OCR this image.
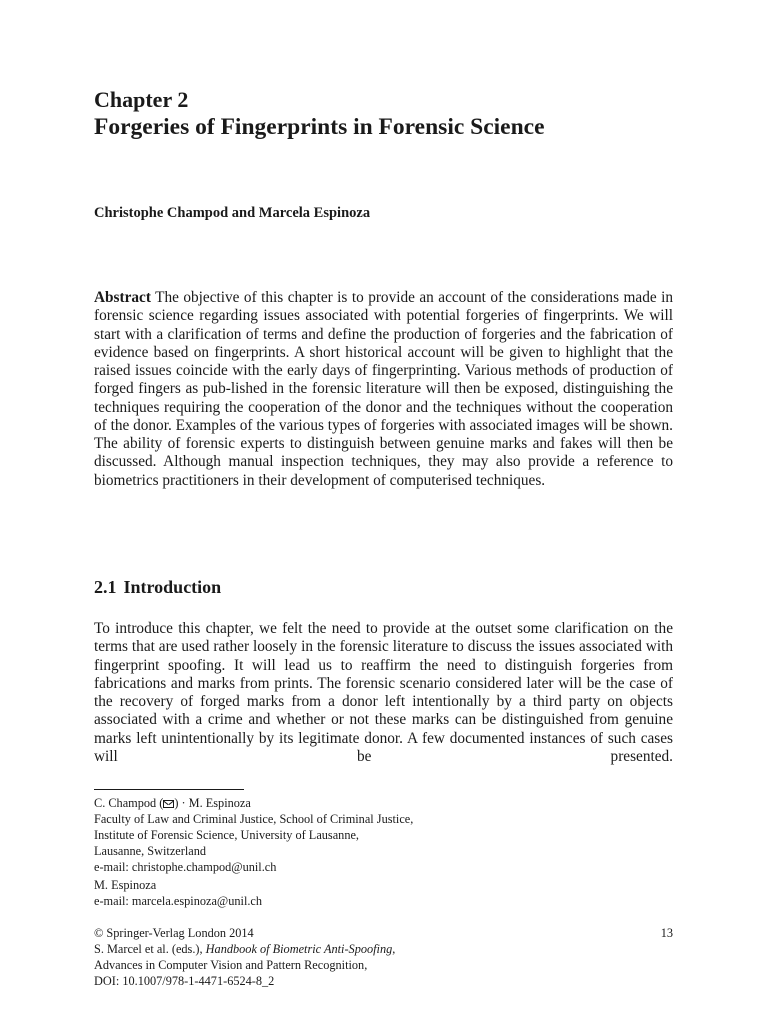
Chapter 2
Forgeries of Fingerprints in Forensic Science
Christophe Champod and Marcela Espinoza

Abstract The objective of this chapter is to provide an account of the considerations made in forensic science regarding issues associated with potential forgeries of fingerprints. We will start with a clarification of terms and define the production of forgeries and the fabrication of evidence based on fingerprints. A short historical account will be given to highlight that the raised issues coincide with the early days of fingerprinting. Various methods of production of forged fingers as pub-lished in the forensic literature will then be exposed, distinguishing the techniques requiring the cooperation of the donor and the techniques without the cooperation of the donor. Examples of the various types of forgeries with associated images will be shown. The ability of forensic experts to distinguish between genuine marks and fakes will then be discussed. Although manual inspection techniques, they may also provide a reference to biometrics practitioners in their development of computerised techniques.

2.1 Introduction

To introduce this chapter, we felt the need to provide at the outset some clarification on the terms that are used rather loosely in the forensic literature to discuss the issues associated with fingerprint spoofing. It will lead us to reaffirm the need to distinguish forgeries from fabrications and marks from prints. The forensic scenario considered later will be the case of the recovery of forged marks from a donor left intentionally by a third party on objects associated with a crime and whether or not these marks can be distinguished from genuine marks left unintentionally by its legitimate donor. A few documented instances of such cases will be presented.

C. Champod ( ) · M. Espinoza
Faculty of Law and Criminal Justice, School of Criminal Justice,
Institute of Forensic Science, University of Lausanne,
Lausanne, Switzerland
e-mail: christophe.champod@unil.ch
M. Espinoza
e-mail: marcela.espinoza@unil.ch
© Springer-Verlag London 2014
S. Marcel et al. (eds.), Handbook of Biometric Anti-Spoofing,
Advances in Computer Vision and Pattern Recognition,
DOI: 10.1007/978-1-4471-6524-8_2
13
